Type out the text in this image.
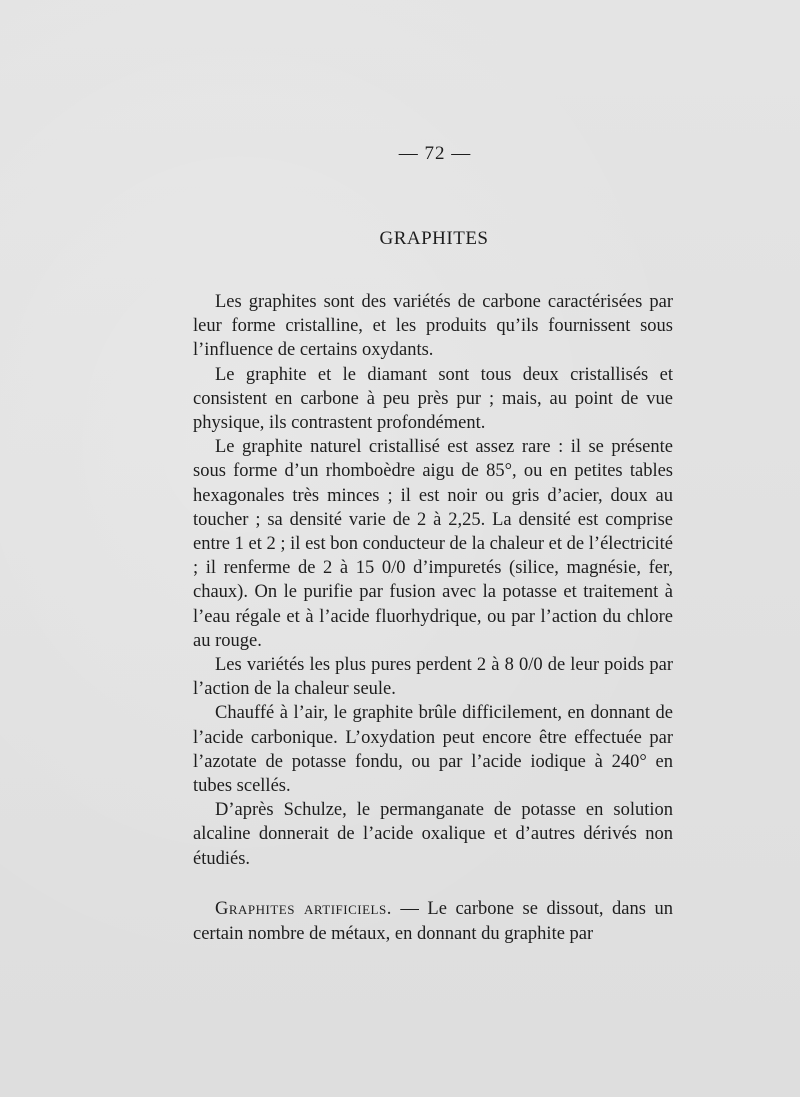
— 72 —
GRAPHITES

Les graphites sont des variétés de carbone caractérisées par leur forme cristalline, et les produits qu’ils fournissent sous l’influence de certains oxydants.

Le graphite et le diamant sont tous deux cristallisés et consistent en carbone à peu près pur ; mais, au point de vue physique, ils contrastent profondément.

Le graphite naturel cristallisé est assez rare : il se présente sous forme d’un rhomboèdre aigu de 85°, ou en petites tables hexagonales très minces ; il est noir ou gris d’acier, doux au toucher ; sa densité varie de 2 à 2,25. La densité est comprise entre 1 et 2 ; il est bon conducteur de la chaleur et de l’électricité ; il renferme de 2 à 15 0/0 d’impuretés (silice, magnésie, fer, chaux). On le purifie par fusion avec la potasse et traitement à l’eau régale et à l’acide fluorhydrique, ou par l’action du chlore au rouge.

Les variétés les plus pures perdent 2 à 8 0/0 de leur poids par l’action de la chaleur seule.

Chauffé à l’air, le graphite brûle difficilement, en donnant de l’acide carbonique. L’oxydation peut encore être effectuée par l’azotate de potasse fondu, ou par l’acide iodique à 240° en tubes scellés.

D’après Schulze, le permanganate de potasse en solution alcaline donnerait de l’acide oxalique et d’autres dérivés non étudiés.

Graphites artificiels. — Le carbone se dissout, dans un certain nombre de métaux, en donnant du graphite par
